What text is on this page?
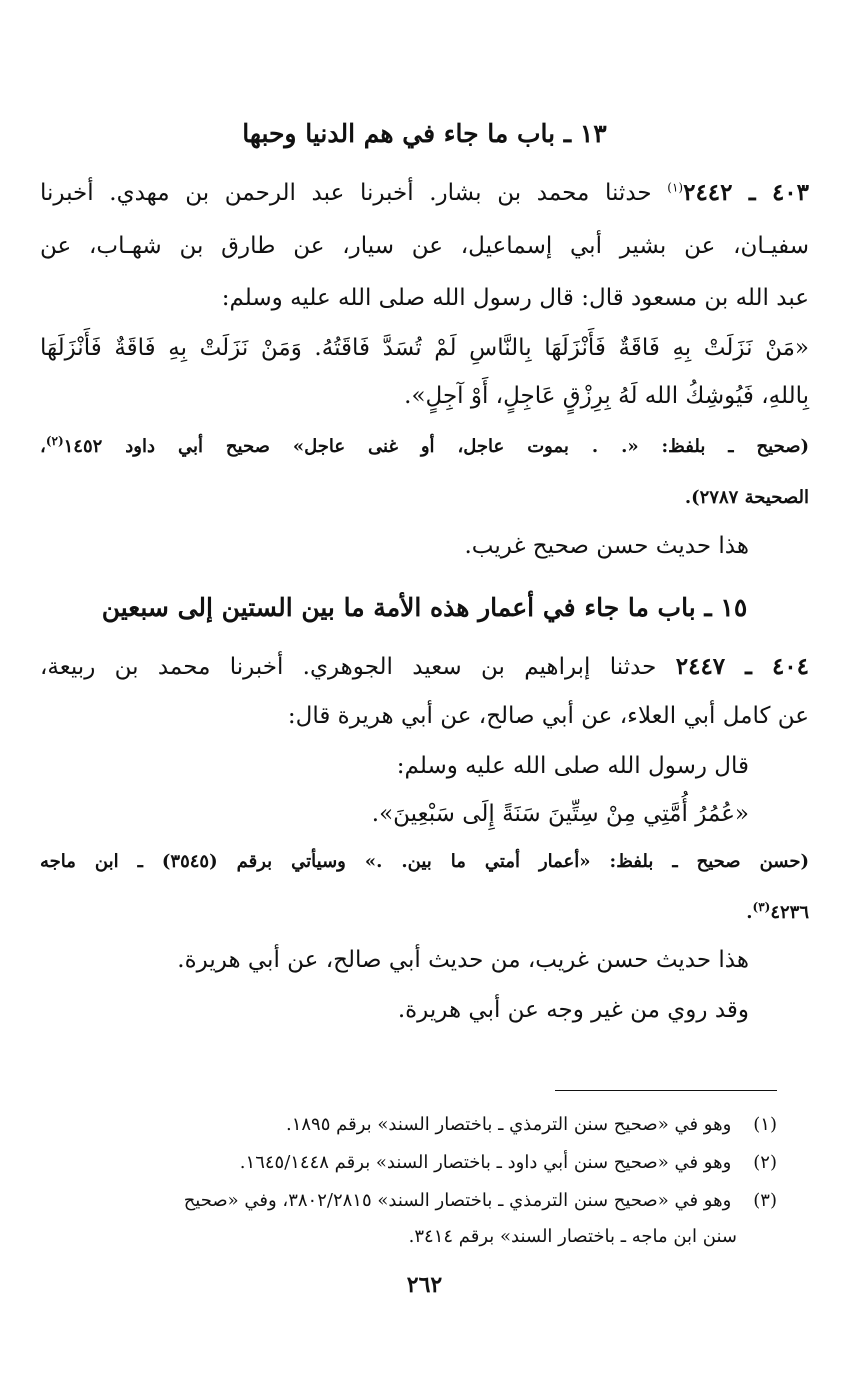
١٣ ـ باب ما جاء في هم الدنيا وحبها
٤٠٣ ـ ٢٤٤٢$^{(١)}$ حدثنا محمد بن بشار. أخبرنا عبد الرحمن بن مهدي. أخبرنا
سفيـان، عن بشير أبي إسماعيل، عن سيار، عن طارق بن شهـاب، عن
عبد الله بن مسعود قال: قال رسول الله صلى الله عليه وسلم:
«مَنْ نَزَلَتْ بِهِ فَاقَةٌ فَأَنْزَلَهَا بِالنَّاسِ لَمْ تُسَدَّ فَاقَتُهُ. وَمَنْ نَزَلَتْ بِهِ فَاقَةٌ فَأَنْزَلَهَا
بِاللهِ، فَيُوشِكُ الله لَهُ بِرِزْقٍ عَاجِلٍ، أَوْ آجِلٍ».
(صحيح ـ بلفظ: «. . بموت عاجل، أو غنى عاجل» صحيح أبي داود ١٤٥٢$^{(٢)}$،
الصحيحة ٢٧٨٧).
هذا حديث حسن صحيح غريب.
١٥ ـ باب ما جاء في أعمار هذه الأمة ما بين الستين إلى سبعين
٤٠٤ ـ ٢٤٤٧ حدثنا إبراهيم بن سعيد الجوهري. أخبرنا محمد بن ربيعة،
عن كامل أبي العلاء، عن أبي صالح، عن أبي هريرة قال:
قال رسول الله صلى الله عليه وسلم:
«عُمُرُ أُمَّتِي مِنْ سِتِّينَ سَنَةً إِلَى سَبْعِينَ».
(حسن صحيح ـ بلفظ: «أعمار أمتي ما بين. .» وسيأتي برقم (٣٥٤٥) ـ ابن ماجه
٤٢٣٦$^{(٣)}$.
هذا حديث حسن غريب، من حديث أبي صالح، عن أبي هريرة.
وقد روي من غير وجه عن أبي هريرة.
(١) وهو في «صحيح سنن الترمذي ـ باختصار السند» برقم ١٨٩٥.
(٢) وهو في «صحيح سنن أبي داود ـ باختصار السند» برقم ١٦٤٥/١٤٤٨.
(٣) وهو في «صحيح سنن الترمذي ـ باختصار السند» ٣٨٠٢/٢٨١٥، وفي «صحيح
سنن ابن ماجه ـ باختصار السند» برقم ٣٤١٤.
٢٦٢
